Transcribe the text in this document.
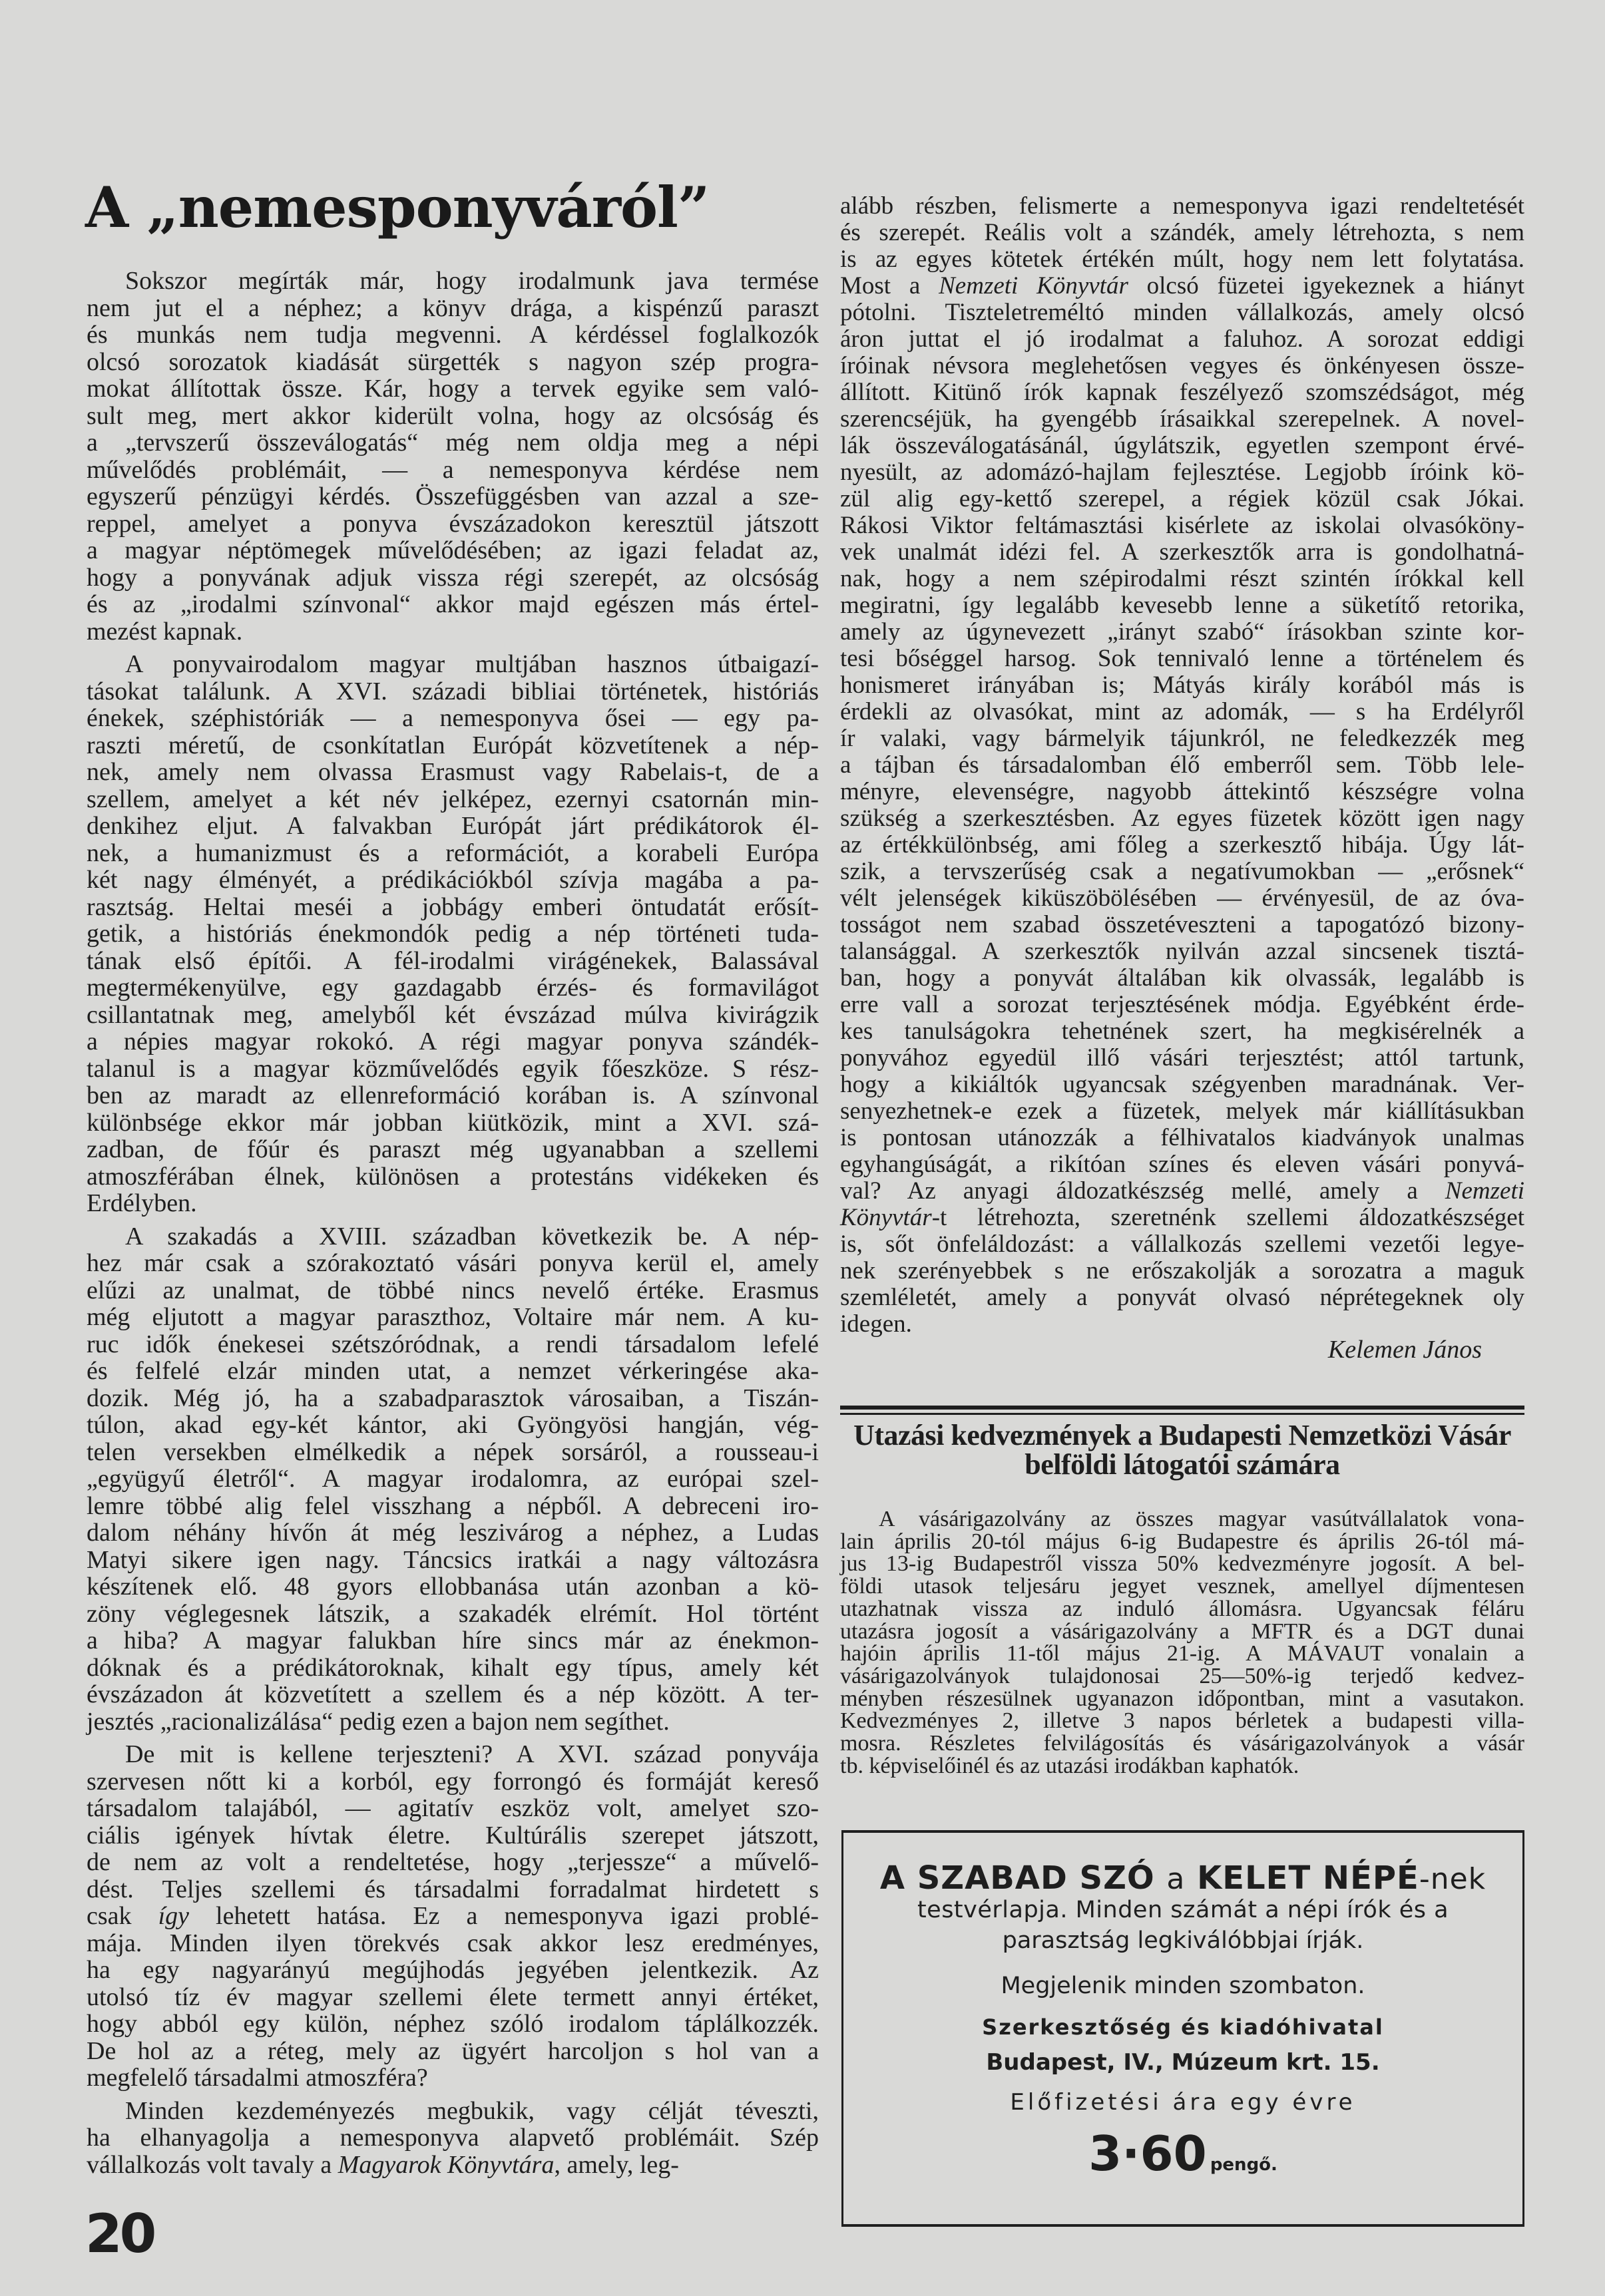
A „nemesponyváról”
Sokszor megírták már, hogy irodalmunk java termése
nem jut el a néphez; a könyv drága, a kispénzű paraszt
és munkás nem tudja megvenni. A kérdéssel foglalkozók
olcsó sorozatok kiadását sürgették s nagyon szép progra-
mokat állítottak össze. Kár, hogy a tervek egyike sem való-
sult meg, mert akkor kiderült volna, hogy az olcsóság és
a „tervszerű összeválogatás“ még nem oldja meg a népi
művelődés problémáit, — a nemesponyva kérdése nem
egyszerű pénzügyi kérdés. Összefüggésben van azzal a sze-
reppel, amelyet a ponyva évszázadokon keresztül játszott
a magyar néptömegek művelődésében; az igazi feladat az,
hogy a ponyvának adjuk vissza régi szerepét, az olcsóság
és az „irodalmi színvonal“ akkor majd egészen más értel-
mezést kapnak.
A ponyvairodalom magyar multjában hasznos útbaigazí-
tásokat találunk. A XVI. századi bibliai történetek, históriás
énekek, széphistóriák — a nemesponyva ősei — egy pa-
raszti méretű, de csonkítatlan Európát közvetítenek a nép-
nek, amely nem olvassa Erasmust vagy Rabelais-t, de a
szellem, amelyet a két név jelképez, ezernyi csatornán min-
denkihez eljut. A falvakban Európát járt prédikátorok él-
nek, a humanizmust és a reformációt, a korabeli Európa
két nagy élményét, a prédikációkból szívja magába a pa-
rasztság. Heltai meséi a jobbágy emberi öntudatát erősít-
getik, a históriás énekmondók pedig a nép történeti tuda-
tának első építői. A fél-irodalmi virágénekek, Balassával
megtermékenyülve, egy gazdagabb érzés- és formavilágot
csillantatnak meg, amelyből két évszázad múlva kivirágzik
a népies magyar rokokó. A régi magyar ponyva szándék-
talanul is a magyar közművelődés egyik főeszköze. S rész-
ben az maradt az ellenreformáció korában is. A színvonal
különbsége ekkor már jobban kiütközik, mint a XVI. szá-
zadban, de főúr és paraszt még ugyanabban a szellemi
atmoszférában élnek, különösen a protestáns vidékeken és
Erdélyben.
A szakadás a XVIII. században következik be. A nép-
hez már csak a szórakoztató vásári ponyva kerül el, amely
elűzi az unalmat, de többé nincs nevelő értéke. Erasmus
még eljutott a magyar paraszthoz, Voltaire már nem. A ku-
ruc idők énekesei szétszóródnak, a rendi társadalom lefelé
és felfelé elzár minden utat, a nemzet vérkeringése aka-
dozik. Még jó, ha a szabadparasztok városaiban, a Tiszán-
túlon, akad egy-két kántor, aki Gyöngyösi hangján, vég-
telen versekben elmélkedik a népek sorsáról, a rousseau-i
„együgyű életről“. A magyar irodalomra, az európai szel-
lemre többé alig felel visszhang a népből. A debreceni iro-
dalom néhány hívőn át még leszivárog a néphez, a Ludas
Matyi sikere igen nagy. Táncsics iratkái a nagy változásra
készítenek elő. 48 gyors ellobbanása után azonban a kö-
zöny véglegesnek látszik, a szakadék elrémít. Hol történt
a hiba? A magyar falukban híre sincs már az énekmon-
dóknak és a prédikátoroknak, kihalt egy típus, amely két
évszázadon át közvetített a szellem és a nép között. A ter-
jesztés „racionalizálása“ pedig ezen a bajon nem segíthet.
De mit is kellene terjeszteni? A XVI. század ponyvája
szervesen nőtt ki a korból, egy forrongó és formáját kereső
társadalom talajából, — agitatív eszköz volt, amelyet szo-
ciális igények hívtak életre. Kultúrális szerepet játszott,
de nem az volt a rendeltetése, hogy „terjessze“ a művelő-
dést. Teljes szellemi és társadalmi forradalmat hirdetett s
csak így lehetett hatása. Ez a nemesponyva igazi problé-
mája. Minden ilyen törekvés csak akkor lesz eredményes,
ha egy nagyarányú megújhodás jegyében jelentkezik. Az
utolsó tíz év magyar szellemi élete termett annyi értéket,
hogy abból egy külön, néphez szóló irodalom táplálkozzék.
De hol az a réteg, mely az ügyért harcoljon s hol van a
megfelelő társadalmi atmoszféra?
Minden kezdeményezés megbukik, vagy célját téveszti,
ha elhanyagolja a nemesponyva alapvető problémáit. Szép
vállalkozás volt tavaly a Magyarok Könyvtára, amely, leg-
alább részben, felismerte a nemesponyva igazi rendeltetését
és szerepét. Reális volt a szándék, amely létrehozta, s nem
is az egyes kötetek értékén múlt, hogy nem lett folytatása.
Most a Nemzeti Könyvtár olcsó füzetei igyekeznek a hiányt
pótolni. Tiszteletreméltó minden vállalkozás, amely olcsó
áron juttat el jó irodalmat a faluhoz. A sorozat eddigi
íróinak névsora meglehetősen vegyes és önkényesen össze-
állított. Kitünő írók kapnak feszélyező szomszédságot, még
szerencséjük, ha gyengébb írásaikkal szerepelnek. A novel-
lák összeválogatásánál, úgylátszik, egyetlen szempont érvé-
nyesült, az adomázó-hajlam fejlesztése. Legjobb íróink kö-
zül alig egy-kettő szerepel, a régiek közül csak Jókai.
Rákosi Viktor feltámasztási kisérlete az iskolai olvasóköny-
vek unalmát idézi fel. A szerkesztők arra is gondolhatná-
nak, hogy a nem szépirodalmi részt szintén írókkal kell
megiratni, így legalább kevesebb lenne a süketítő retorika,
amely az úgynevezett „irányt szabó“ írásokban szinte kor-
tesi bőséggel harsog. Sok tennivaló lenne a történelem és
honismeret irányában is; Mátyás király korából más is
érdekli az olvasókat, mint az adomák, — s ha Erdélyről
ír valaki, vagy bármelyik tájunkról, ne feledkezzék meg
a tájban és társadalomban élő emberről sem. Több lele-
ményre, elevenségre, nagyobb áttekintő készségre volna
szükség a szerkesztésben. Az egyes füzetek között igen nagy
az értékkülönbség, ami főleg a szerkesztő hibája. Úgy lát-
szik, a tervszerűség csak a negatívumokban — „erősnek“
vélt jelenségek kiküszöbölésében — érvényesül, de az óva-
tosságot nem szabad összetéveszteni a tapogatózó bizony-
talansággal. A szerkesztők nyilván azzal sincsenek tisztá-
ban, hogy a ponyvát általában kik olvassák, legalább is
erre vall a sorozat terjesztésének módja. Egyébként érde-
kes tanulságokra tehetnének szert, ha megkisérelnék a
ponyvához egyedül illő vásári terjesztést; attól tartunk,
hogy a kikiáltók ugyancsak szégyenben maradnának. Ver-
senyezhetnek-e ezek a füzetek, melyek már kiállításukban
is pontosan utánozzák a félhivatalos kiadványok unalmas
egyhangúságát, a rikítóan színes és eleven vásári ponyvá-
val? Az anyagi áldozatkészség mellé, amely a Nemzeti
Könyvtár-t létrehozta, szeretnénk szellemi áldozatkészséget
is, sőt önfeláldozást: a vállalkozás szellemi vezetői legye-
nek szerényebbek s ne erőszakolják a sorozatra a maguk
szemléletét, amely a ponyvát olvasó néprétegeknek oly
idegen.
Kelemen János
Utazási kedvezmények a Budapesti Nemzetközi Vásár
belföldi látogatói számára
A vásárigazolvány az összes magyar vasútvállalatok vona-
lain április 20-tól május 6-ig Budapestre és április 26-tól má-
jus 13-ig Budapestről vissza 50% kedvezményre jogosít. A bel-
földi utasok teljesáru jegyet vesznek, amellyel díjmentesen
utazhatnak vissza az induló állomásra. Ugyancsak féláru
utazásra jogosít a vásárigazolvány a MFTR és a DGT dunai
hajóin április 11-től május 21-ig. A MÁVAUT vonalain a
vásárigazolványok tulajdonosai 25—50%-ig terjedő kedvez-
ményben részesülnek ugyanazon időpontban, mint a vasutakon.
Kedvezményes 2, illetve 3 napos bérletek a budapesti villa-
mosra. Részletes felvilágosítás és vásárigazolványok a vásár
tb. képviselőinél és az utazási irodákban kaphatók.
A SZABAD SZÓ a KELET NÉPÉ-nek
testvérlapja. Minden számát a népi írók és a
parasztság legkiválóbbjai írják.
Megjelenik minden szombaton.
Szerkesztőség és kiadóhivatal
Budapest, IV., Múzeum krt. 15.
Előfizetési ára egy évre
3·60 pengő.
20
